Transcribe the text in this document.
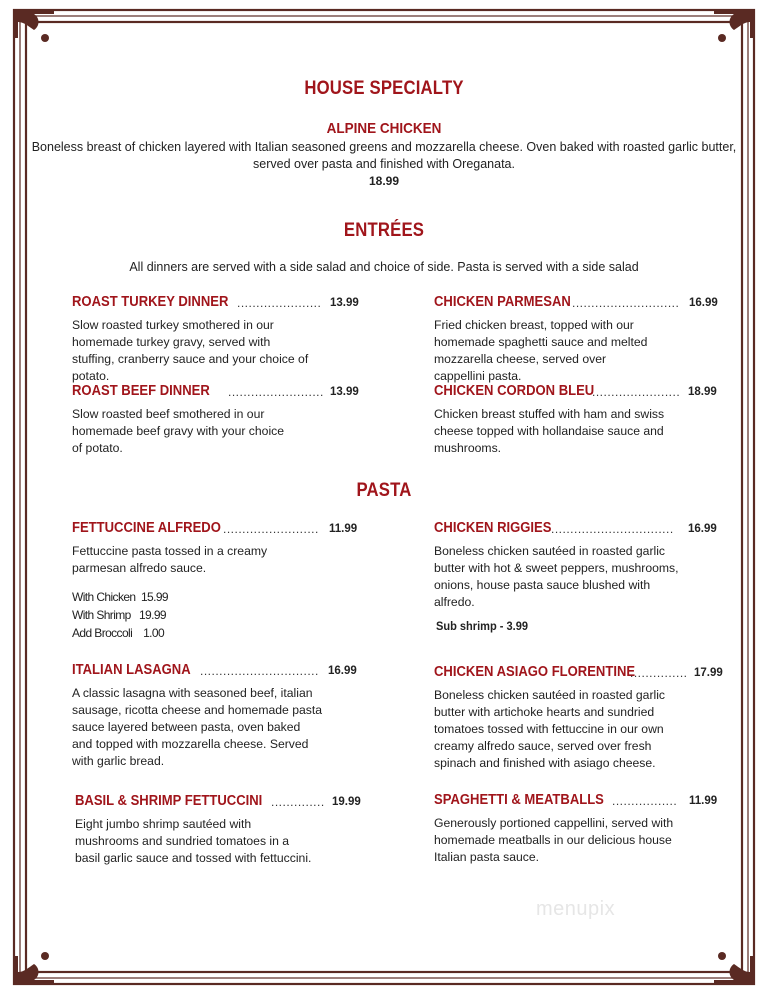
HOUSE SPECIALTY
ALPINE CHICKEN
Boneless breast of chicken layered with Italian seasoned greens and mozzarella cheese. Oven baked with roasted garlic butter,
served over pasta and finished with Oreganata.
18.99
ENTRÉES
All dinners are served with a side salad and choice of side. Pasta is served with a side salad
ROAST TURKEY DINNER ...................... 13.99
Slow roasted turkey smothered in our homemade turkey gravy, served with stuffing, cranberry sauce and your choice of potato.
CHICKEN PARMESAN ............................ 16.99
Fried chicken breast, topped with our homemade spaghetti sauce and melted mozzarella cheese, served over cappellini pasta.
ROAST BEEF DINNER ......................... 13.99
Slow roasted beef smothered in our homemade beef gravy with your choice of potato.
CHICKEN CORDON BLEU
....................... 18.99
Chicken breast stuffed with ham and swiss cheese topped with hollandaise sauce and mushrooms.
PASTA
FETTUCCINE ALFREDO ......................... 11.99
Fettuccine pasta tossed in a creamy parmesan alfredo sauce.
With Chicken  15.99
With Shrimp   19.99
Add Broccoli    1.00
CHICKEN RIGGIES ................................ 16.99
Boneless chicken sautéed in roasted garlic butter with hot & sweet peppers, mushrooms, onions, house pasta sauce blushed with alfredo.
Sub shrimp - 3.99
ITALIAN LASAGNA ............................... 16.99
A classic lasagna with seasoned beef, italian sausage, ricotta cheese and homemade pasta sauce layered between pasta, oven baked and topped with mozzarella cheese. Served with garlic bread.
CHICKEN ASIAGO FLORENTINE
............... 17.99
Boneless chicken sautéed in roasted garlic butter with artichoke hearts and sundried tomatoes tossed with fettuccine in our own creamy alfredo sauce, served over fresh spinach and finished with asiago cheese.
BASIL & SHRIMP FETTUCCINI .............. 19.99
Eight jumbo shrimp sautéed with mushrooms and sundried tomatoes in a basil garlic sauce and tossed with fettuccini.
SPAGHETTI & MEATBALLS ................. 11.99
Generously portioned cappellini, served with homemade meatballs in our delicious house Italian pasta sauce.
menupix
